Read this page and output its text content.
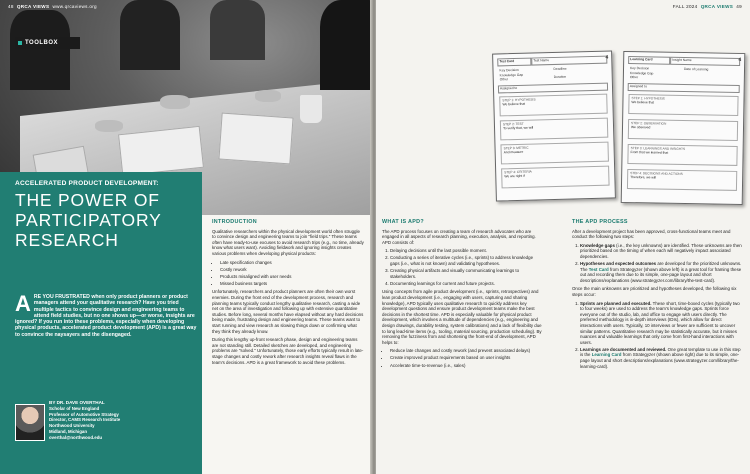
48 QRCA VIEWS www.qrcaviews.org
TOOLBOX
ACCELERATED PRODUCT DEVELOPMENT:
THE POWER OF PARTICIPATORY RESEARCH
A RE YOU FRUSTRATED when only product planners or product managers attend your qualitative research? Have you tried multiple tactics to convince design and engineering teams to attend field studies, but no one shows up—or worse, insights are ignored? If you run into these problems, especially when developing physical products, accelerated product development (APD) is a great way to convince the naysayers and the disengaged.
BY DR. DAVE OVERTHAL
Scholar of New England
Professor of Automotive Strategy
Director, CAMS Research Institute
Northwood University
Midland, Michigan
overthal@northwood.edu
INTRODUCTION

Qualitative researchers within the physical development world often struggle to convince design and engineering teams to join "field trips." These teams often have ready-to-use excuses to avoid research trips (e.g., no time, already know what users want). Avoiding fieldwork and ignoring insights creates various problems when developing physical products:

• Late specification changes
• Costly rework
• Products misaligned with user needs
• Missed business targets

Unfortunately, researchers and product planners are often their own worst enemies. During the front end of the development process, research and planning teams typically conduct lengthy qualitative research, casting a wide net on the area of investigation and following up with extensive quantitative studies. Before long, several months have elapsed without any hard decisions being made, frustrating design and engineering teams. These teams want to start running and view research as slowing things down or confirming what they think they already know.

During this lengthy up-front research phase, design and engineering teams are not standing still. Detailed sketches are developed, and engineering problems are "solved." Unfortunately, those early efforts typically result in late-stage changes and costly rework after research insights reveal flaws in the team's decisions. APD is a great framework to avoid these problems.

FALL 2024 QRCA VIEWS 49
Test Card	Test Name
Key Decision
Knowledge Gap
Other
Deadline
Duration
Assigned to
STEP 1: HYPOTHESIS
We believe that
STEP 2: TEST
To verify that, we will
STEP 3: METRIC
And measure
STEP 4: CRITERIA
We are right if
4	Learning Card	Insight Name
Key Decision
Knowledge Gap
Other
Date of Learning
Assigned to
STEP 1: HYPOTHESIS
We believe that
STEP 2: OBSERVATION
We observed
STEP 3: LEARNINGS AND INSIGHTS
From that we learned that
STEP 4: DECISIONS AND ACTIONS
Therefore, we will
4
WHAT IS APD?

The APD process focuses on creating a team of research advocates who are engaged in all aspects of research planning, execution, analysis, and reporting. APD consists of:

1. Delaying decisions until the last possible moment.
2. Conducting a series of iterative cycles (i.e., sprints) to address knowledge gaps (i.e., what is not known) and validating hypotheses.
3. Creating physical artifacts and visually communicating learnings to stakeholders.
4. Documenting learnings for current and future projects.

Using concepts from agile product development (i.e., sprints, retrospectives) and lean product development (i.e., engaging with users, capturing and sharing knowledge), APD typically uses qualitative research to quickly address key development questions and ensure product development teams make the best decisions in the shortest time. APD is especially valuable for physical product development, which involves a multitude of dependencies (e.g., engineering and design drawings, durability testing, system calibrations) and a lack of flexibility due to long lead-time items (e.g., tooling, material sourcing, production scheduling). By removing the fuzziness from and shortening the front-end of development, APD helps to:

• Reduce late changes and costly rework (and prevent associated delays)
• Create improved product requirements based on user insights
• Accelerate time-to-revenue (i.e., sales)
THE APD PROCESS

After a development project has been approved, cross-functional teams meet and conduct the following two steps:

1. Knowledge gaps (i.e., the key unknowns) are identified. These unknowns are then prioritized based on the timing of when each will negatively impact associated dependencies.
2. Hypotheses and expected outcomes are developed for the prioritized unknowns. The Test Card from Strategyzer (shown above left) is a great tool for framing these out and recording them due to its simple, one-page layout and short descriptions/explanations (www.strategyzer.com/library/the-test-card).

Once the main unknowns are prioritized and hypotheses developed, the following six steps occur:

1. Sprints are planned and executed. These short, time-boxed cycles (typically two to four weeks) are used to address the team's knowledge gaps. Sprints force everyone out of the studio, lab, and office to engage with users directly. The preferred methodology is in-depth interviews (IDIs), which allow for direct interactions with users. Typically, 10 interviews or fewer are sufficient to uncover similar patterns. Quantitative research may be statistically accurate, but it misses nuances and valuable learnings that only come from first-hand interactions with users.
2. Learnings are documented and reviewed. One great template to use in this step is the Learning Card from Strategyzer (shown above right) due to its simple, one-page layout and short descriptions/explanations (www.strategyzer.com/library/the-learning-card).
